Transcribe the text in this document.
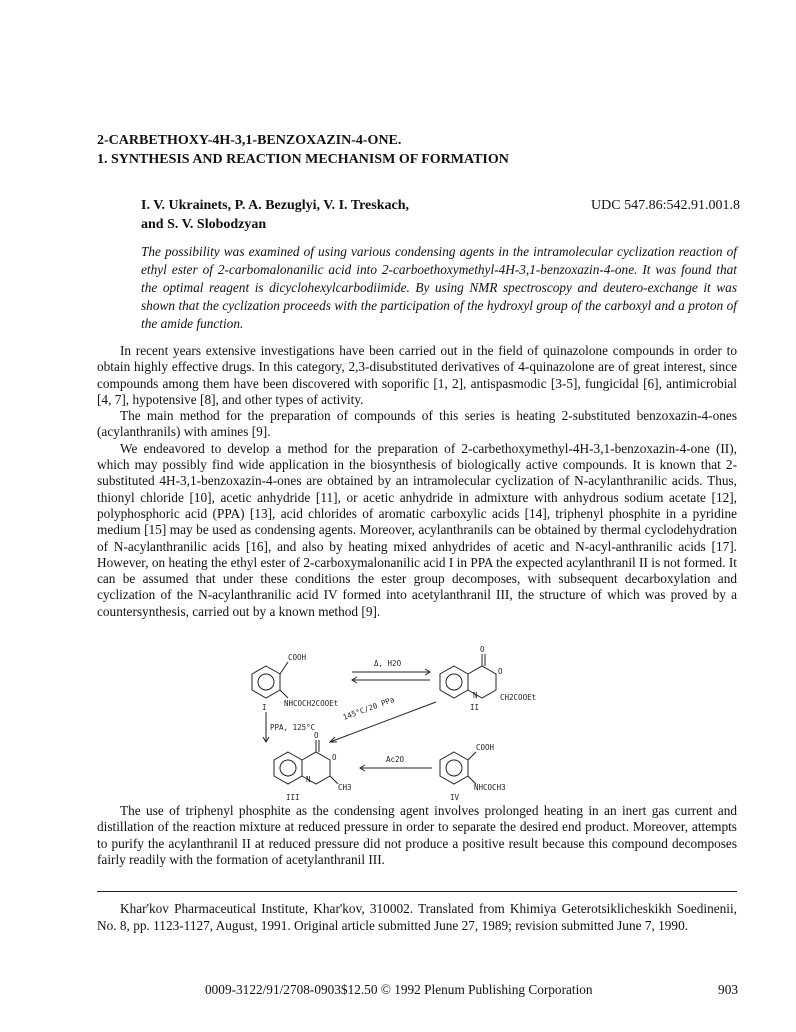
2-CARBETHOXY-4H-3,1-BENZOXAZIN-4-ONE.
1. SYNTHESIS AND REACTION MECHANISM OF FORMATION
I. V. Ukrainets, P. A. Bezuglyi, V. I. Treskach,
and S. V. Slobodzyan
UDC 547.86:542.91.001.8
The possibility was examined of using various condensing agents in the intramolecular cyclization reaction of ethyl ester of 2-carbomalonanilic acid into 2-carboethoxymethyl-4H-3,1-benzoxazin-4-one. It was found that the optimal reagent is dicyclohexylcarbodiimide. By using NMR spectroscopy and deutero-exchange it was shown that the cyclization proceeds with the participation of the hydroxyl group of the carboxyl and a proton of the amide function.

In recent years extensive investigations have been carried out in the field of quinazolone compounds in order to obtain highly effective drugs. In this category, 2,3-disubstituted derivatives of 4-quinazolone are of great interest, since compounds among them have been discovered with soporific [1, 2], antispasmodic [3-5], fungicidal [6], antimicrobial [4, 7], hypotensive [8], and other types of activity.

The main method for the preparation of compounds of this series is heating 2-substituted benzoxazin-4-ones (acylanthranils) with amines [9].

We endeavored to develop a method for the preparation of 2-carbethoxymethyl-4H-3,1-benzoxazin-4-one (II), which may possibly find wide application in the biosynthesis of biologically active compounds. It is known that 2-substituted 4H-3,1-benzoxazin-4-ones are obtained by an intramolecular cyclization of N-acylanthranilic acids. Thus, thionyl chloride [10], acetic anhydride [11], or acetic anhydride in admixture with anhydrous sodium acetate [12], polyphosphoric acid (PPA) [13], acid chlorides of aromatic carboxylic acids [14], triphenyl phosphite in a pyridine medium [15] may be used as condensing agents. Moreover, acylanthranils can be obtained by thermal cyclodehydration of N-acylanthranilic acids [16], and also by heating mixed anhydrides of acetic and N-acyl-anthranilic acids [17]. However, on heating the ethyl ester of 2-carboxymalonanilic acid I in PPA the expected acylanthranil II is not formed. It can be assumed that under these conditions the ester group decomposes, with subsequent decarboxylation and cyclization of the N-acylanthranilic acid IV formed into acetylanthranil III, the structure of which was proved by a countersynthesis, carried out by a known method [9].

COOH
NHCOCH2COOEt
Δ, H2O
O
O
N	CH2COOEt
I	II
PPA, 125°C
145°C/20 PPa
O
O
N
CH3
Ac2O
COOH
NHCOCH3
III	IV

The use of triphenyl phosphite as the condensing agent involves prolonged heating in an inert gas current and distillation of the reaction mixture at reduced pressure in order to separate the desired end product. Moreover, attempts to purify the acylanthranil II at reduced pressure did not produce a positive result because this compound decomposes fairly readily with the formation of acetylanthranil III.

Khar'kov Pharmaceutical Institute, Khar'kov, 310002. Translated from Khimiya Geterotsiklicheskikh Soedinenii, No. 8, pp. 1123-1127, August, 1991. Original article submitted June 27, 1989; revision submitted June 7, 1990.
0009-3122/91/2708-0903$12.50 © 1992 Plenum Publishing Corporation	903
